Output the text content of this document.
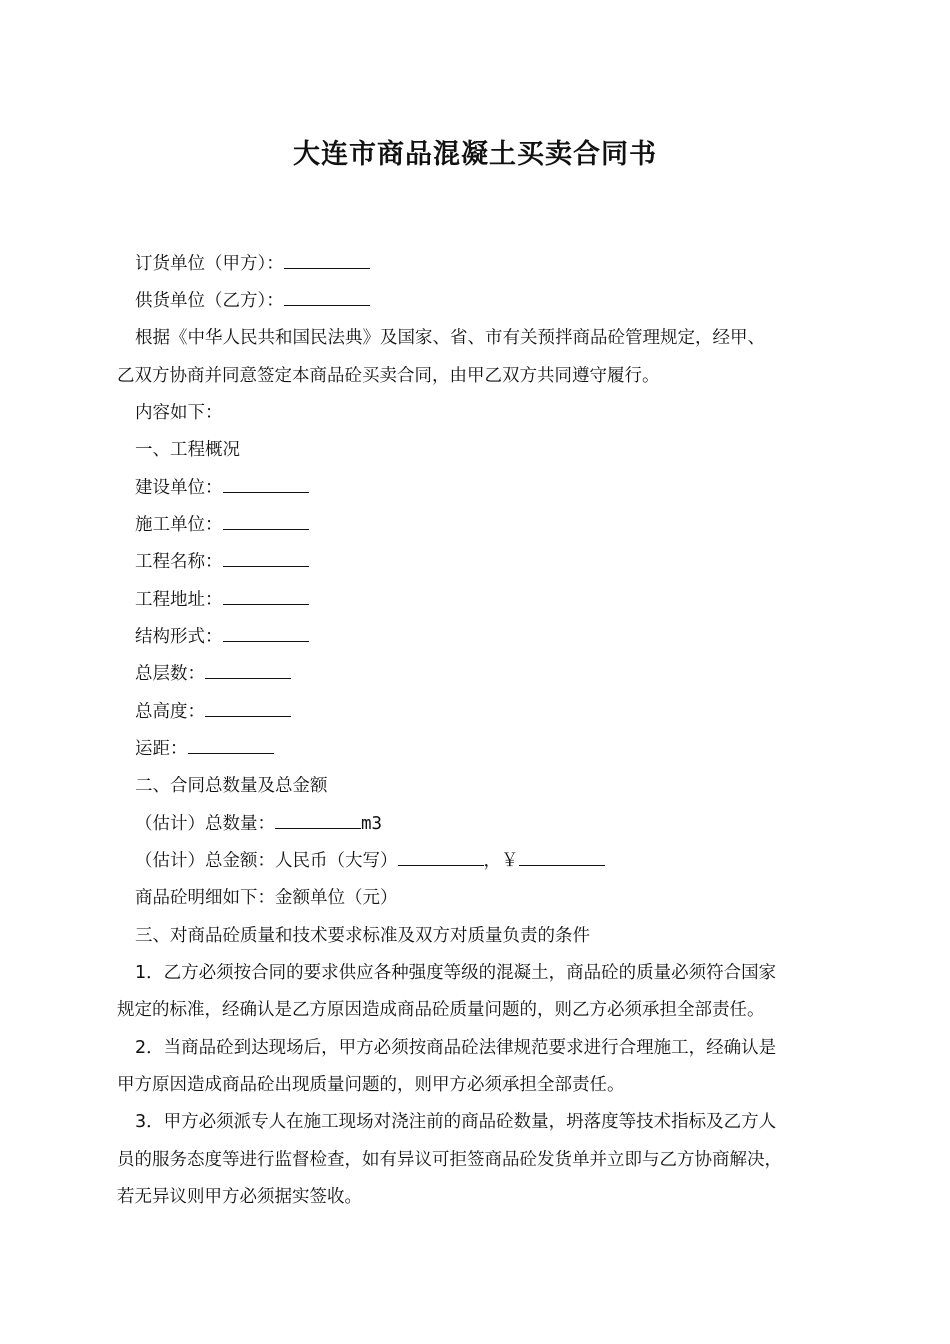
大连市商品混凝土买卖合同书
订货单位（甲方）：
供货单位（乙方）：
根据《中华人民共和国民法典》及国家、省、市有关预拌商品砼管理规定，经甲、
乙双方协商并同意签定本商品砼买卖合同，由甲乙双方共同遵守履行。
内容如下：
一、工程概况
建设单位：
施工单位：
工程名称：
工程地址：
结构形式：
总层数：
总高度：
运距：
二、合同总数量及总金额
（估计）总数量：	m3
（估计）总金额：人民币（大写）	，￥
商品砼明细如下：金额单位（元）
三、对商品砼质量和技术要求标准及双方对质量负责的条件
1．乙方必须按合同的要求供应各种强度等级的混凝土，商品砼的质量必须符合国家
规定的标准，经确认是乙方原因造成商品砼质量问题的，则乙方必须承担全部责任。
2．当商品砼到达现场后，甲方必须按商品砼法律规范要求进行合理施工，经确认是
甲方原因造成商品砼出现质量问题的，则甲方必须承担全部责任。
3．甲方必须派专人在施工现场对浇注前的商品砼数量，坍落度等技术指标及乙方人
员的服务态度等进行监督检查，如有异议可拒签商品砼发货单并立即与乙方协商解决，
若无异议则甲方必须据实签收。
